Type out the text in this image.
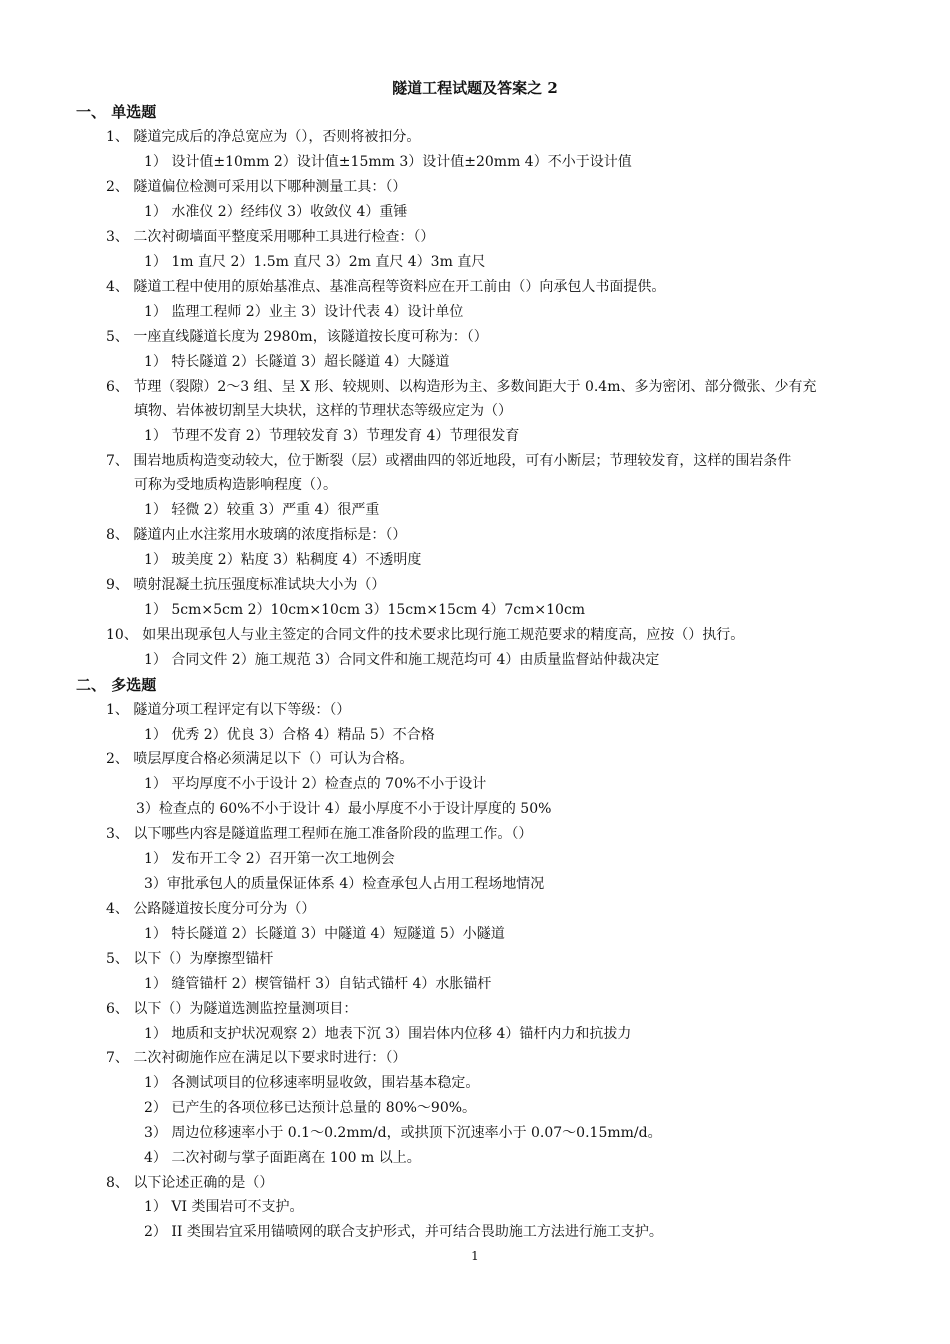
隧道工程试题及答案之 2
一、 单选题
1、 隧道完成后的净总宽应为（），否则将被扣分。
1） 设计值±10mm 2）设计值±15mm 3）设计值±20mm 4）不小于设计值
2、 隧道偏位检测可采用以下哪种测量工具：（）
1） 水准仪 2）经纬仪 3）收敛仪 4）重锤
3、 二次衬砌墙面平整度采用哪种工具进行检查：（）
1） 1m 直尺 2）1.5m 直尺 3）2m 直尺 4）3m 直尺
4、 隧道工程中使用的原始基准点、基准高程等资料应在开工前由（）向承包人书面提供。
1） 监理工程师 2）业主 3）设计代表 4）设计单位
5、 一座直线隧道长度为 2980m，该隧道按长度可称为：（）
1） 特长隧道 2）长隧道 3）超长隧道 4）大隧道
6、 节理（裂隙）2～3 组、呈 X 形、较规则、以构造形为主、多数间距大于 0.4m、多为密闭、部分微张、少有充
填物、岩体被切割呈大块状，这样的节理状态等级应定为（）
1） 节理不发育 2）节理较发育 3）节理发育 4）节理很发育
7、 围岩地质构造变动较大，位于断裂（层）或褶曲四的邻近地段，可有小断层；节理较发育，这样的围岩条件
可称为受地质构造影响程度（）。
1） 轻微 2）较重 3）严重 4）很严重
8、 隧道内止水注浆用水玻璃的浓度指标是：（）
1） 玻美度 2）粘度 3）粘稠度 4）不透明度
9、 喷射混凝土抗压强度标准试块大小为（）
1） 5cm×5cm 2）10cm×10cm 3）15cm×15cm 4）7cm×10cm
10、 如果出现承包人与业主签定的合同文件的技术要求比现行施工规范要求的精度高，应按（）执行。
1） 合同文件 2）施工规范 3）合同文件和施工规范均可 4）由质量监督站仲裁决定
二、 多选题
1、 隧道分项工程评定有以下等级：（）
1） 优秀 2）优良 3）合格 4）精品 5）不合格
2、 喷层厚度合格必须满足以下（）可认为合格。
1） 平均厚度不小于设计 2）检查点的 70%不小于设计
3）检查点的 60%不小于设计 4）最小厚度不小于设计厚度的 50%
3、 以下哪些内容是隧道监理工程师在施工准备阶段的监理工作。（）
1） 发布开工令 2）召开第一次工地例会
3）审批承包人的质量保证体系 4）检查承包人占用工程场地情况
4、 公路隧道按长度分可分为（）
1） 特长隧道 2）长隧道 3）中隧道 4）短隧道 5）小隧道
5、 以下（）为摩擦型锚杆
1） 缝管锚杆 2）楔管锚杆 3）自钻式锚杆 4）水胀锚杆
6、 以下（）为隧道选测监控量测项目：
1） 地质和支护状况观察 2）地表下沉 3）围岩体内位移 4）锚杆内力和抗拔力
7、 二次衬砌施作应在满足以下要求时进行：（）
1） 各测试项目的位移速率明显收敛，围岩基本稳定。
2） 已产生的各项位移已达预计总量的 80%～90%。
3） 周边位移速率小于 0.1～0.2mm/d，或拱顶下沉速率小于 0.07～0.15mm/d。
4） 二次衬砌与掌子面距离在 100 m 以上。
8、 以下论述正确的是（）
1） VI 类围岩可不支护。
2） II 类围岩宜采用锚喷网的联合支护形式，并可结合畏助施工方法进行施工支护。
1
